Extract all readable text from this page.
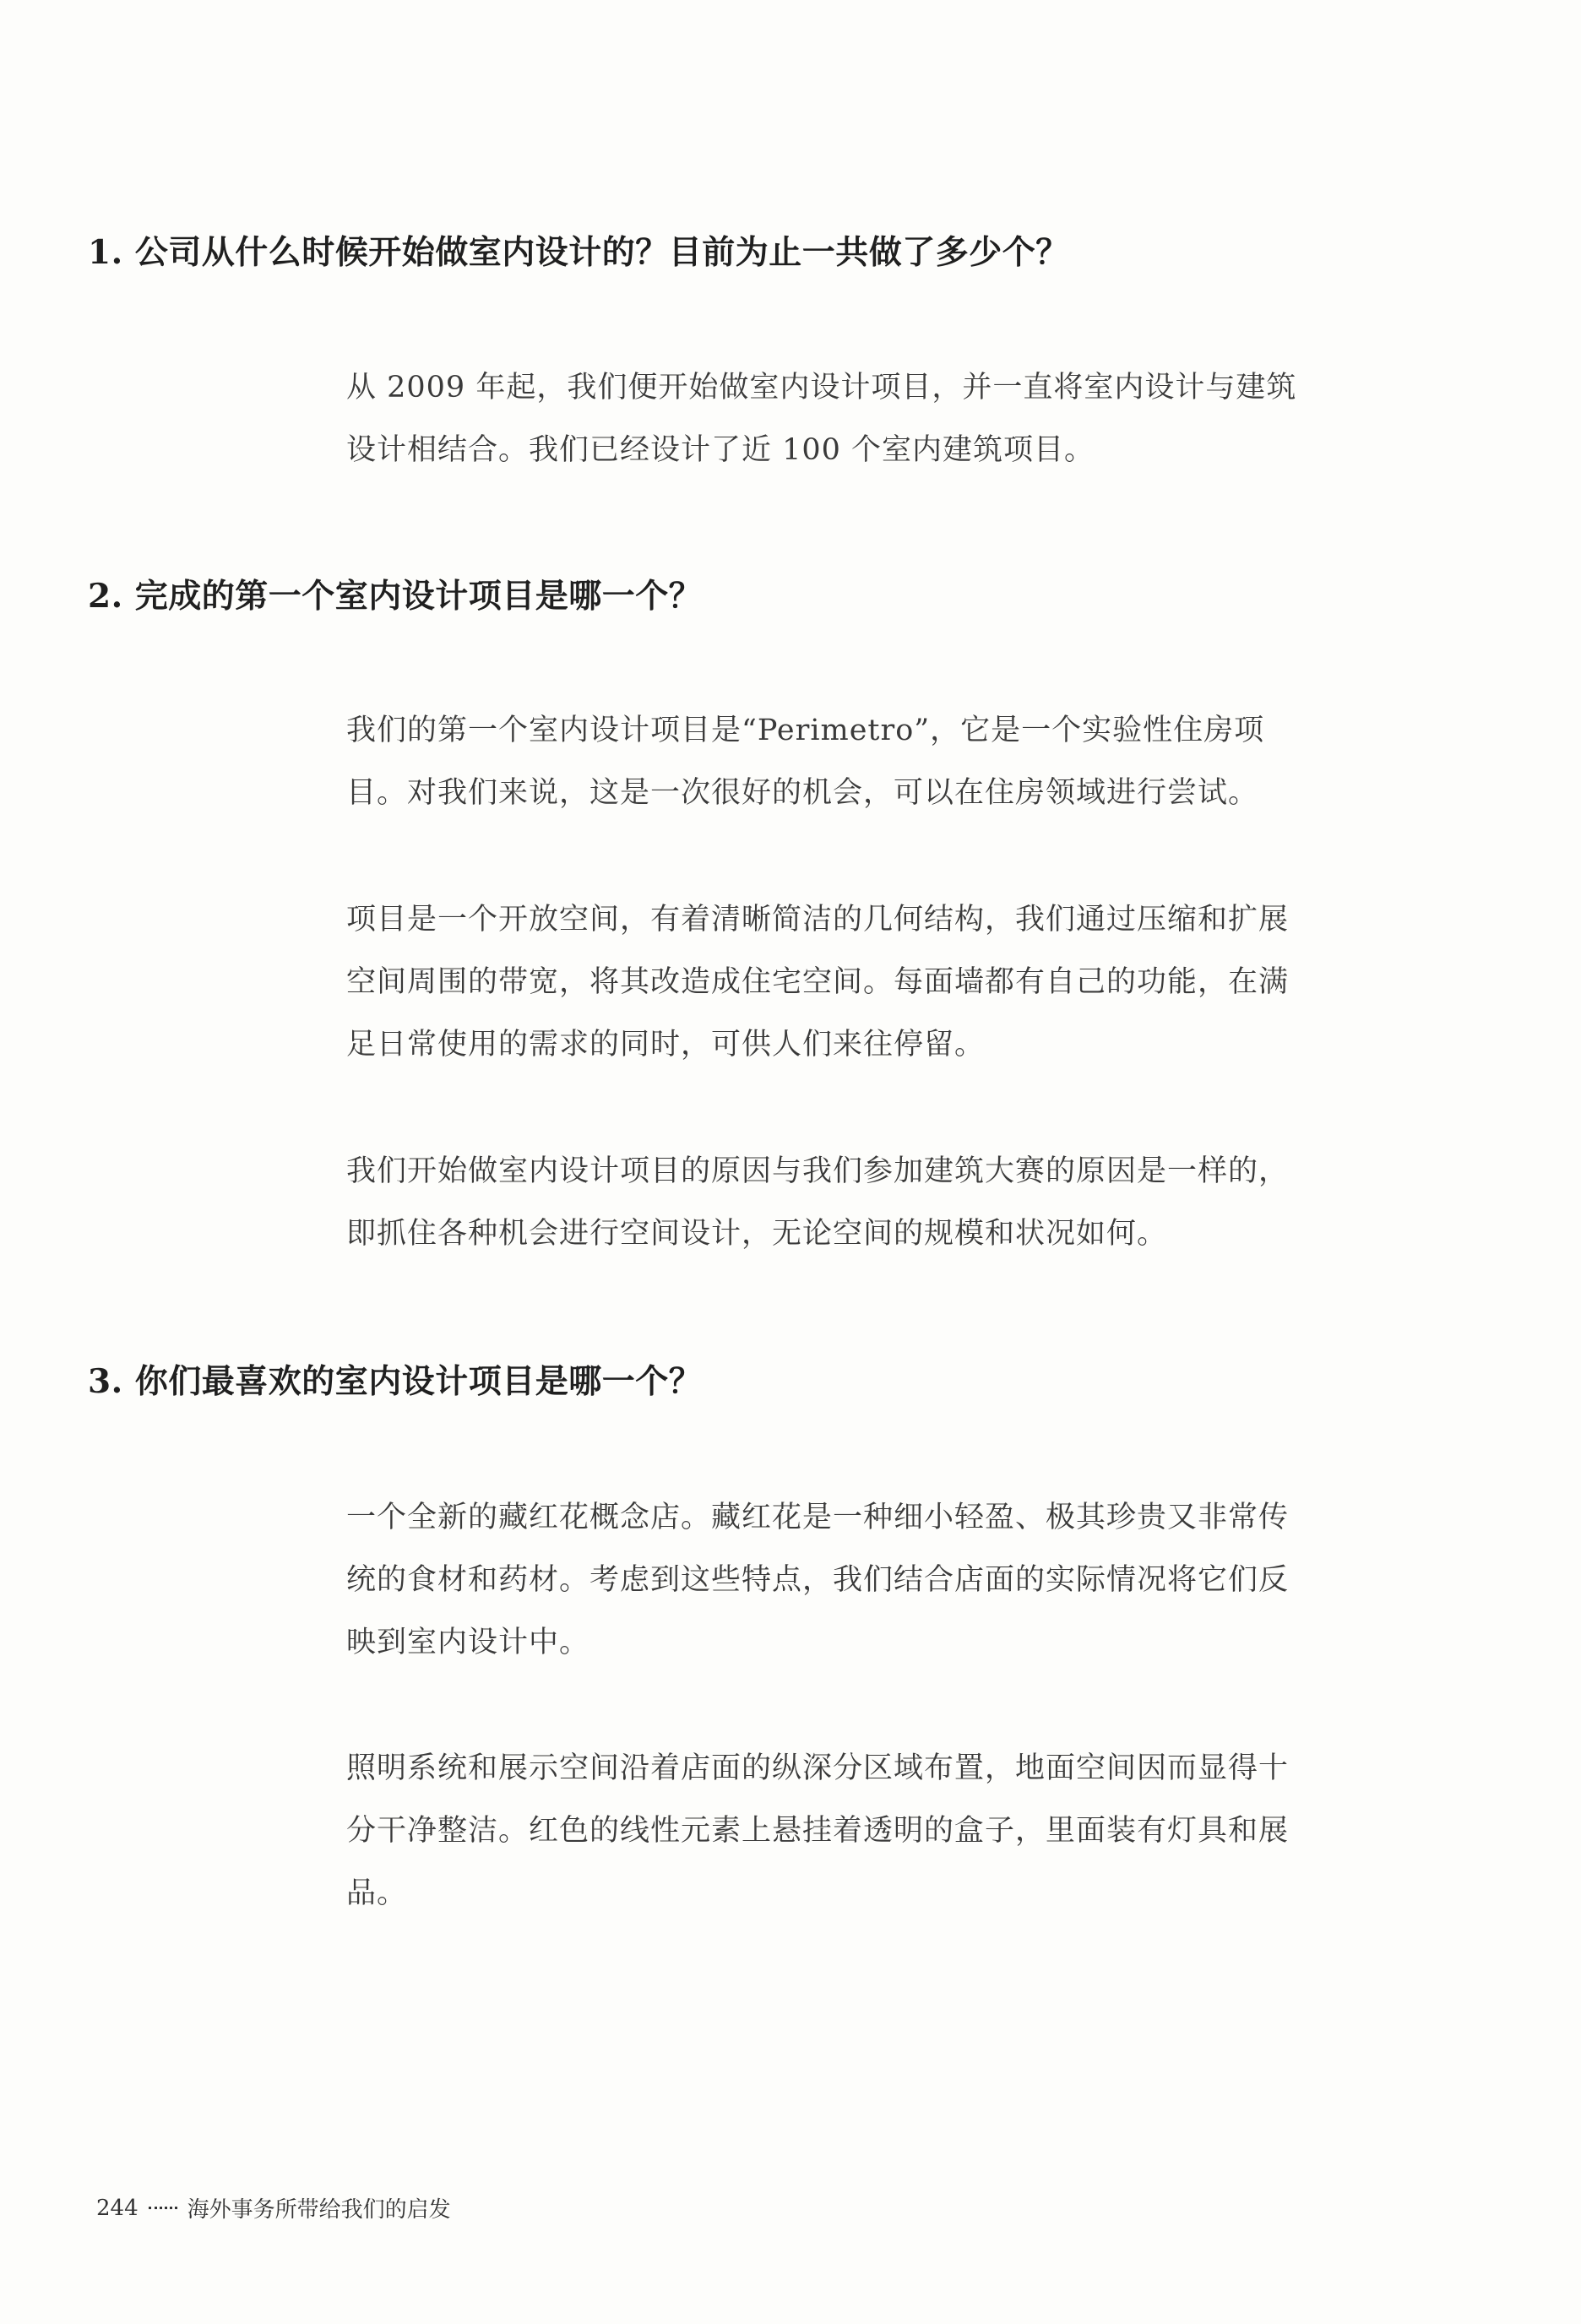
1. 公司从什么时候开始做室内设计的？目前为止一共做了多少个？

从 2009 年起，我们便开始做室内设计项目，并一直将室内设计与建筑设计相结合。我们已经设计了近 100 个室内建筑项目。

2. 完成的第一个室内设计项目是哪一个？

我们的第一个室内设计项目是“Perimetro”，它是一个实验性住房项目。对我们来说，这是一次很好的机会，可以在住房领域进行尝试。

项目是一个开放空间，有着清晰简洁的几何结构，我们通过压缩和扩展空间周围的带宽，将其改造成住宅空间。每面墙都有自己的功能，在满足日常使用的需求的同时，可供人们来往停留。

我们开始做室内设计项目的原因与我们参加建筑大赛的原因是一样的，即抓住各种机会进行空间设计，无论空间的规模和状况如何。

3. 你们最喜欢的室内设计项目是哪一个？

一个全新的藏红花概念店。藏红花是一种细小轻盈、极其珍贵又非常传统的食材和药材。考虑到这些特点，我们结合店面的实际情况将它们反映到室内设计中。

照明系统和展示空间沿着店面的纵深分区域布置，地面空间因而显得十分干净整洁。红色的线性元素上悬挂着透明的盒子，里面装有灯具和展品。

244 海外事务所带给我们的启发
